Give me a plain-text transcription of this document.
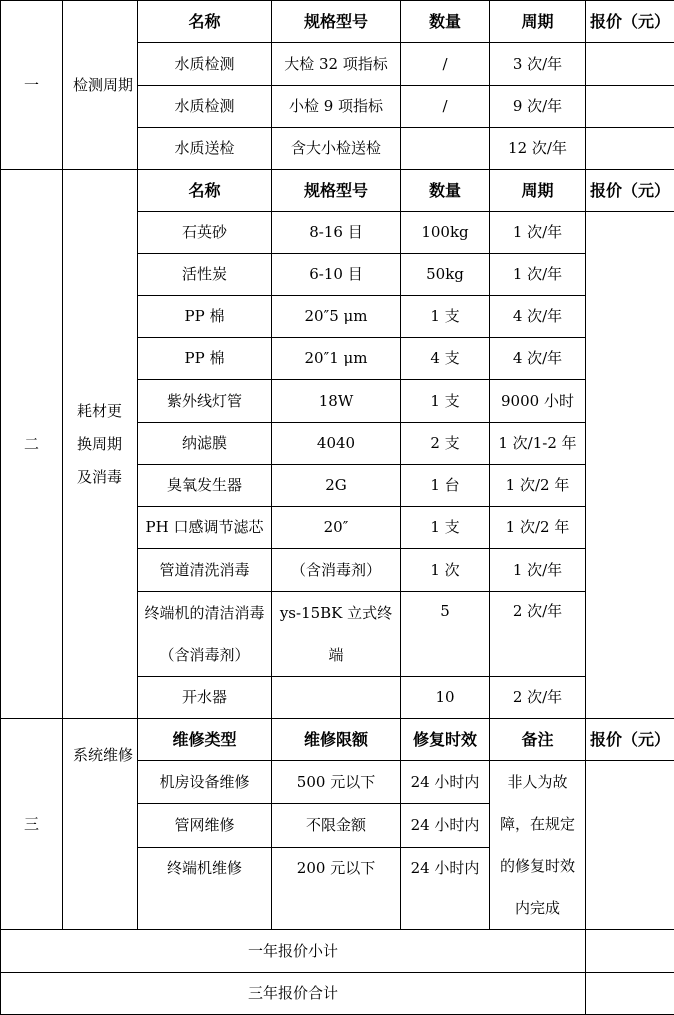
一	检测周期	名称	规格型号	数量	周期	报价（元）
		水质检测	大检 32 项指标	/	3 次/年	
		水质检测	小检 9 项指标	/	9 次/年	
		水质送检	含大小检送检		12 次/年	
二	耗材更换周期及消毒	名称	规格型号	数量	周期	报价（元）
		石英砂	8-16 目	100kg	1 次/年	
		活性炭	6-10 目	50kg	1 次/年	
		PP 棉	20″5 μm	1 支	4 次/年	
		PP 棉	20″1 μm	4 支	4 次/年	
		紫外线灯管	18W	1 支	9000 小时	
		纳滤膜	4040	2 支	1 次/1-2 年	
		臭氧发生器	2G	1 台	1 次/2 年	
		PH 口感调节滤芯	20″	1 支	1 次/2 年	
		管道清洗消毒	（含消毒剂）	1 次	1 次/年	
		终端机的清洁消毒（含消毒剂）	ys-15BK 立式终端	5	2 次/年	
		开水器		10	2 次/年	
三	系统维修	维修类型	维修限额	修复时效	备注	报价（元）
		机房设备维修	500 元以下	24 小时内	非人为故障，在规定的修复时效内完成	
		管网维修	不限金额	24 小时内		
		终端机维修	200 元以下	24 小时内		
一年报价小计						
三年报价合计						
